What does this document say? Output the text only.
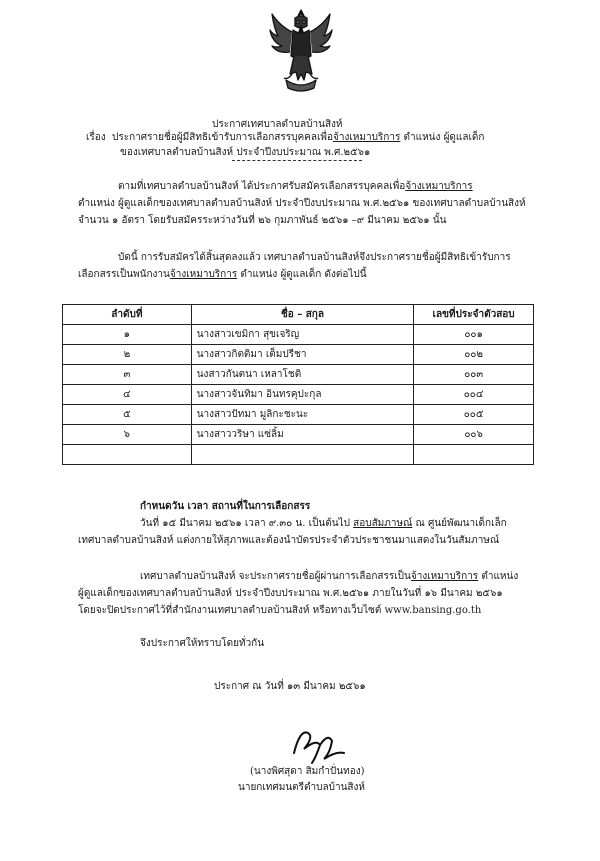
ประกาศเทศบาลตำบลบ้านสิงห์
เรื่อง ประกาศรายชื่อผู้มีสิทธิเข้ารับการเลือกสรรบุคคลเพื่อจ้างเหมาบริการ ตำแหน่ง ผู้ดูแลเด็ก
ของเทศบาลตำบลบ้านสิงห์ ประจำปีงบประมาณ พ.ศ.๒๕๖๑
ตามที่เทศบาลตำบลบ้านสิงห์ ได้ประกาศรับสมัครเลือกสรรบุคคลเพื่อจ้างเหมาบริการ
ตำแหน่ง ผู้ดูแลเด็กของเทศบาลตำบลบ้านสิงห์ ประจำปีงบประมาณ พ.ศ.๒๕๖๑ ของเทศบาลตำบลบ้านสิงห์
จำนวน ๑ อัตรา โดยรับสมัครระหว่างวันที่ ๒๖ กุมภาพันธ์ ๒๕๖๑ –๙ มีนาคม ๒๕๖๑ นั้น
บัดนี้ การรับสมัครได้สิ้นสุดลงแล้ว เทศบาลตำบลบ้านสิงห์จึงประกาศรายชื่อผู้มีสิทธิเข้ารับการ
เลือกสรรเป็นพนักงานจ้างเหมาบริการ ตำแหน่ง ผู้ดูแลเด็ก ดังต่อไปนี้
ลำดับที่	ชื่อ – สกุล	เลขที่ประจำตัวสอบ
๑	นางสาวเขมิกา สุขเจริญ	๐๐๑
๒	นางสาวกิตติมา เต็มปรีชา	๐๐๒
๓	นงสาวกันตนา เหลาโชติ	๐๐๓
๔	นางสาวจันทิมา อินทรคุปะกุล	๐๐๔
๕	นางสาวปัทมา มูลิกะชะนะ	๐๐๕
๖	นางสาววริษา แซ่ลิ้ม	๐๐๖

กำหนดวัน เวลา สถานที่ในการเลือกสรร
วันที่ ๑๕ มีนาคม ๒๕๖๑ เวลา ๙.๓๐ น. เป็นต้นไป สอบสัมภาษณ์ ณ ศูนย์พัฒนาเด็กเล็ก
เทศบาลตำบลบ้านสิงห์ แต่งกายให้สุภาพและต้องนำบัตรประจำตัวประชาชนมาแสดงในวันสัมภาษณ์
เทศบาลตำบลบ้านสิงห์ จะประกาศรายชื่อผู้ผ่านการเลือกสรรเป็นจ้างเหมาบริการ ตำแหน่ง
ผู้ดูแลเด็กของเทศบาลตำบลบ้านสิงห์ ประจำปีงบประมาณ พ.ศ.๒๕๖๑ ภายในวันที่ ๑๖ มีนาคม ๒๕๖๑
โดยจะปิดประกาศไว้ที่สำนักงานเทศบาลตำบลบ้านสิงห์ หรือทางเว็บไซต์ www.bansing.go.th
จึงประกาศให้ทราบโดยทั่วกัน
ประกาศ ณ วันที่ ๑๓ มีนาคม ๒๕๖๑
(นางพิศสุดา สิมกำปั่นทอง)
นายกเทศมนตรีตำบลบ้านสิงห์
